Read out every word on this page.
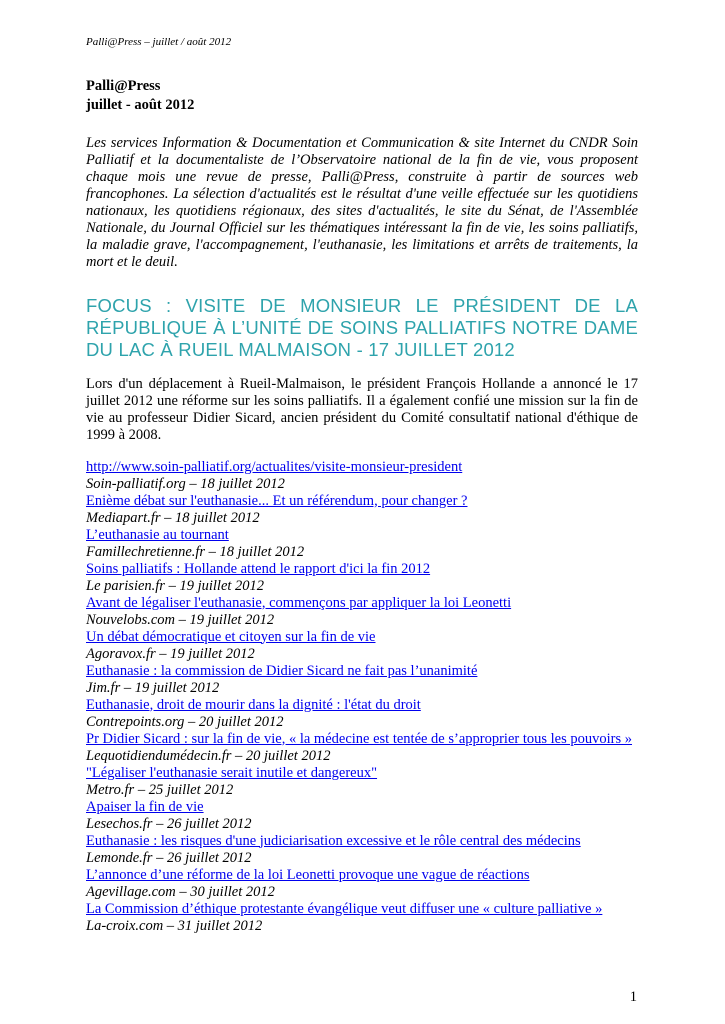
Palli@Press – juillet / août 2012
Palli@Press
juillet - août 2012

Les services Information & Documentation et Communication & site Internet du CNDR Soin Palliatif et la documentaliste de l’Observatoire national de la fin de vie, vous proposent chaque mois une revue de presse, Palli@Press, construite à partir de sources web francophones. La sélection d'actualités est le résultat d'une veille effectuée sur les quotidiens nationaux, les quotidiens régionaux, des sites d'actualités, le site du Sénat, de l'Assemblée Nationale, du Journal Officiel sur les thématiques intéressant la fin de vie, les soins palliatifs, la maladie grave, l'accompagnement, l'euthanasie, les limitations et arrêts de traitements, la mort et le deuil.

FOCUS : VISITE DE MONSIEUR LE PRÉSIDENT DE LA RÉPUBLIQUE À L’UNITÉ DE SOINS PALLIATIFS NOTRE DAME DU LAC À RUEIL MALMAISON - 17 JUILLET 2012

Lors d'un déplacement à Rueil-Malmaison, le président François Hollande a annoncé le 17 juillet 2012 une réforme sur les soins palliatifs. Il a également confié une mission sur la fin de vie au professeur Didier Sicard, ancien président du Comité consultatif national d'éthique de 1999 à 2008.

http://www.soin-palliatif.org/actualites/visite-monsieur-president
Soin-palliatif.org – 18 juillet 2012
Enième débat sur l'euthanasie... Et un référendum, pour changer ?
Mediapart.fr – 18 juillet 2012
L’euthanasie au tournant
Famillechretienne.fr – 18 juillet 2012
Soins palliatifs : Hollande attend le rapport d'ici la fin 2012
Le parisien.fr – 19 juillet 2012
Avant de légaliser l'euthanasie, commençons par appliquer la loi Leonetti
Nouvelobs.com – 19 juillet 2012
Un débat démocratique et citoyen sur la fin de vie
Agoravox.fr – 19 juillet 2012
Euthanasie : la commission de Didier Sicard ne fait pas l’unanimité
Jim.fr – 19 juillet 2012
Euthanasie, droit de mourir dans la dignité : l'état du droit
Contrepoints.org – 20 juillet 2012
Pr Didier Sicard : sur la fin de vie, « la médecine est tentée de s’approprier tous les pouvoirs »
Lequotidiendumédecin.fr – 20 juillet 2012
"Légaliser l'euthanasie serait inutile et dangereux"
Metro.fr – 25 juillet 2012
Apaiser la fin de vie
Lesechos.fr – 26 juillet 2012
Euthanasie : les risques d'une judiciarisation excessive et le rôle central des médecins
Lemonde.fr – 26 juillet 2012
L’annonce d’une réforme de la loi Leonetti provoque une vague de réactions
Agevillage.com – 30 juillet 2012
La Commission d’éthique protestante évangélique veut diffuser une « culture palliative »
La-croix.com – 31 juillet 2012
1
